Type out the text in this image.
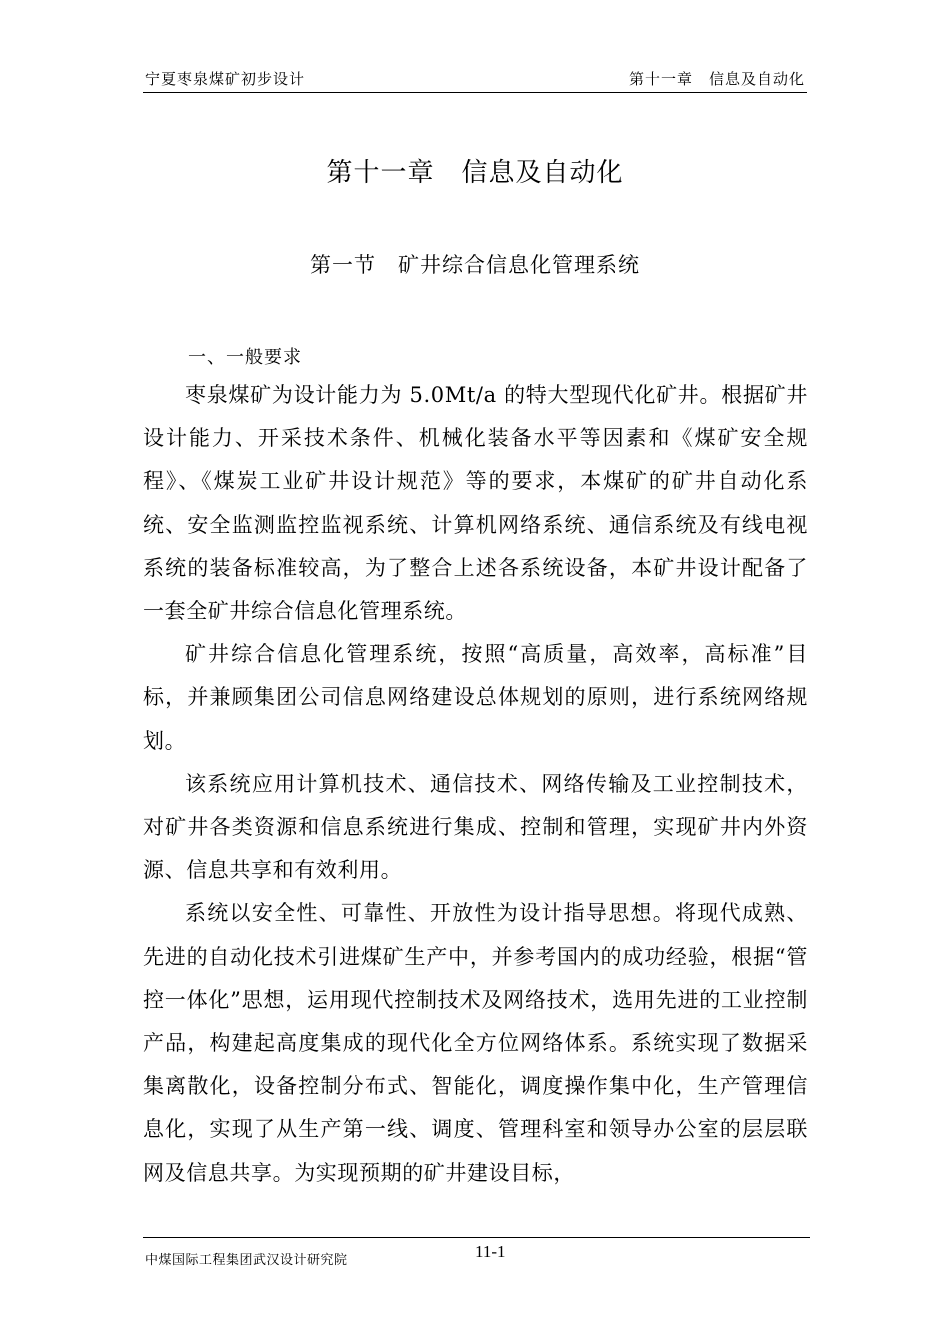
宁夏枣泉煤矿初步设计	第十一章　信息及自动化
第十一章　信息及自动化
第一节　矿井综合信息化管理系统
一、一般要求

枣泉煤矿为设计能力为 5.0Mt/a 的特大型现代化矿井。根据矿井设计能力、开采技术条件、机械化装备水平等因素和《煤矿安全规程》、《煤炭工业矿井设计规范》等的要求，本煤矿的矿井自动化系统、安全监测监控监视系统、计算机网络系统、通信系统及有线电视系统的装备标准较高，为了整合上述各系统设备，本矿井设计配备了一套全矿井综合信息化管理系统。

矿井综合信息化管理系统，按照“高质量，高效率，高标准”目标，并兼顾集团公司信息网络建设总体规划的原则，进行系统网络规划。

该系统应用计算机技术、通信技术、网络传输及工业控制技术，对矿井各类资源和信息系统进行集成、控制和管理，实现矿井内外资源、信息共享和有效利用。

系统以安全性、可靠性、开放性为设计指导思想。将现代成熟、先进的自动化技术引进煤矿生产中，并参考国内的成功经验，根据“管控一体化”思想，运用现代控制技术及网络技术，选用先进的工业控制产品，构建起高度集成的现代化全方位网络体系。系统实现了数据采集离散化，设备控制分布式、智能化，调度操作集中化，生产管理信息化，实现了从生产第一线、调度、管理科室和领导办公室的层层联网及信息共享。为实现预期的矿井建设目标，

中煤国际工程集团武汉设计研究院	11-1
